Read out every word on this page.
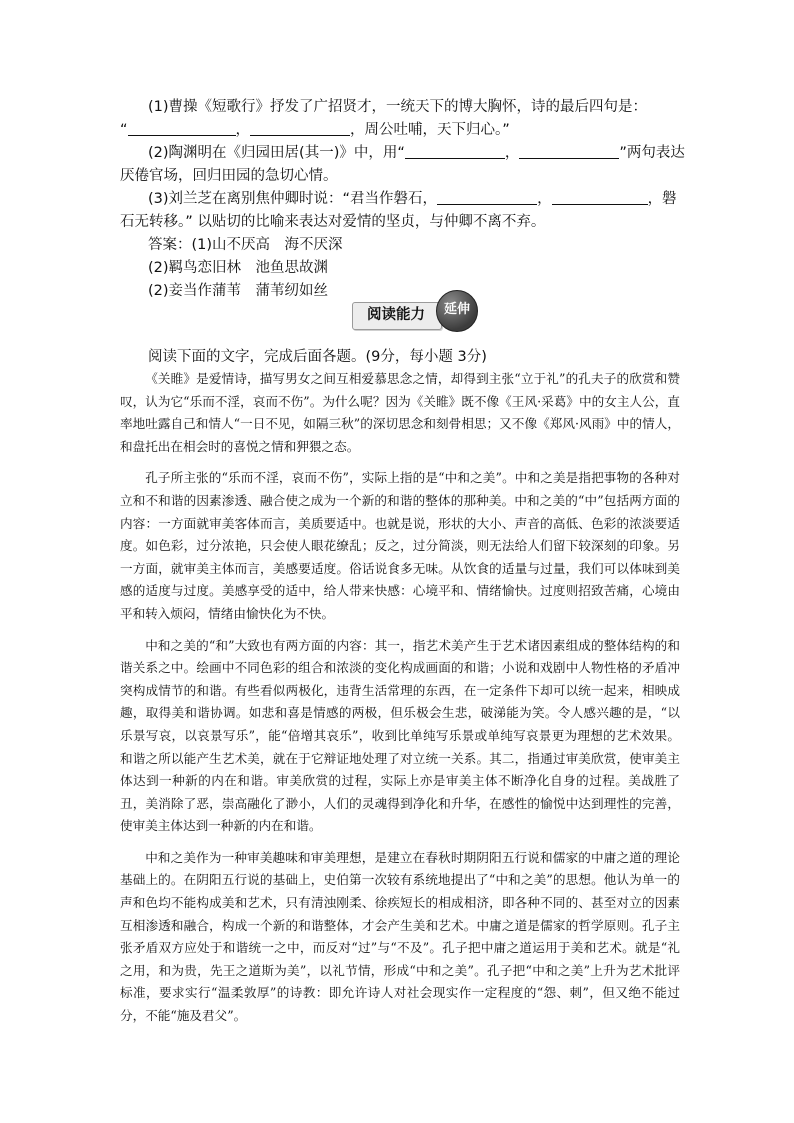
(1)曹操《短歌行》抒发了广招贤才，一统天下的博大胸怀，诗的最后四句是：
“	，	，周公吐哺，天下归心。”
(2)陶渊明在《归园田居(其一)》中，用“	，	”两句表达
厌倦官场，回归田园的急切心情。
(3)刘兰芝在离别焦仲卿时说：“君当作磐石，	，	，磐
石无转移。” 以贴切的比喻来表达对爱情的坚贞，与仲卿不离不弃。
答案：(1)山不厌高　海不厌深
(2)羁鸟恋旧林　池鱼思故渊
(2)妾当作蒲苇　蒲苇纫如丝
阅读能力	延伸
阅读下面的文字，完成后面各题。(9分，每小题 3分)

《关睢》是爱情诗，描写男女之间互相爱慕思念之情，却得到主张“立于礼”的孔夫子的欣赏和赞叹，认为它“乐而不淫，哀而不伤”。为什么呢？因为《关睢》既不像《王风·采葛》中的女主人公，直率地吐露自己和情人“一日不见，如隔三秋”的深切思念和刻骨相思；又不像《郑风·风雨》中的情人，和盘托出在相会时的喜悦之情和狎猥之态。

孔子所主张的“乐而不淫，哀而不伤”，实际上指的是“中和之美”。中和之美是指把事物的各种对立和不和谐的因素渗透、融合使之成为一个新的和谐的整体的那种美。中和之美的“中”包括两方面的内容：一方面就审美客体而言，美质要适中。也就是说，形状的大小、声音的高低、色彩的浓淡要适度。如色彩，过分浓艳，只会使人眼花缭乱；反之，过分简淡，则无法给人们留下较深刻的印象。另一方面，就审美主体而言，美感要适度。俗话说食多无味。从饮食的适量与过量，我们可以体味到美感的适度与过度。美感享受的适中，给人带来快感：心境平和、情绪愉快。过度则招致苦痛，心境由平和转入烦闷，情绪由愉快化为不快。

中和之美的“和”大致也有两方面的内容：其一，指艺术美产生于艺术诸因素组成的整体结构的和谐关系之中。绘画中不同色彩的组合和浓淡的变化构成画面的和谐；小说和戏剧中人物性格的矛盾冲突构成情节的和谐。有些看似两极化，违背生活常理的东西，在一定条件下却可以统一起来，相映成趣，取得美和谐协调。如悲和喜是情感的两极，但乐极会生悲，破涕能为笑。令人感兴趣的是，“以乐景写哀，以哀景写乐”，能“倍增其哀乐”，收到比单纯写乐景或单纯写哀景更为理想的艺术效果。和谐之所以能产生艺术美，就在于它辩证地处理了对立统一关系。其二，指通过审美欣赏，使审美主体达到一种新的内在和谐。审美欣赏的过程，实际上亦是审美主体不断净化自身的过程。美战胜了丑，美消除了恶，崇高融化了渺小，人们的灵魂得到净化和升华，在感性的愉悦中达到理性的完善，使审美主体达到一种新的内在和谐。

中和之美作为一种审美趣味和审美理想，是建立在春秋时期阴阳五行说和儒家的中庸之道的理论基础上的。在阴阳五行说的基础上，史伯第一次较有系统地提出了“中和之美”的思想。他认为单一的声和色均不能构成美和艺术，只有清浊刚柔、徐疾短长的相成相济，即各种不同的、甚至对立的因素互相渗透和融合，构成一个新的和谐整体，才会产生美和艺术。中庸之道是儒家的哲学原则。孔子主张矛盾双方应处于和谐统一之中，而反对“过”与“不及”。孔子把中庸之道运用于美和艺术。就是“礼之用，和为贵，先王之道斯为美”，以礼节情，形成“中和之美”。孔子把“中和之美”上升为艺术批评标准，要求实行“温柔敦厚”的诗教：即允许诗人对社会现实作一定程度的“怨、刺”，但又绝不能过分，不能“施及君父”。
